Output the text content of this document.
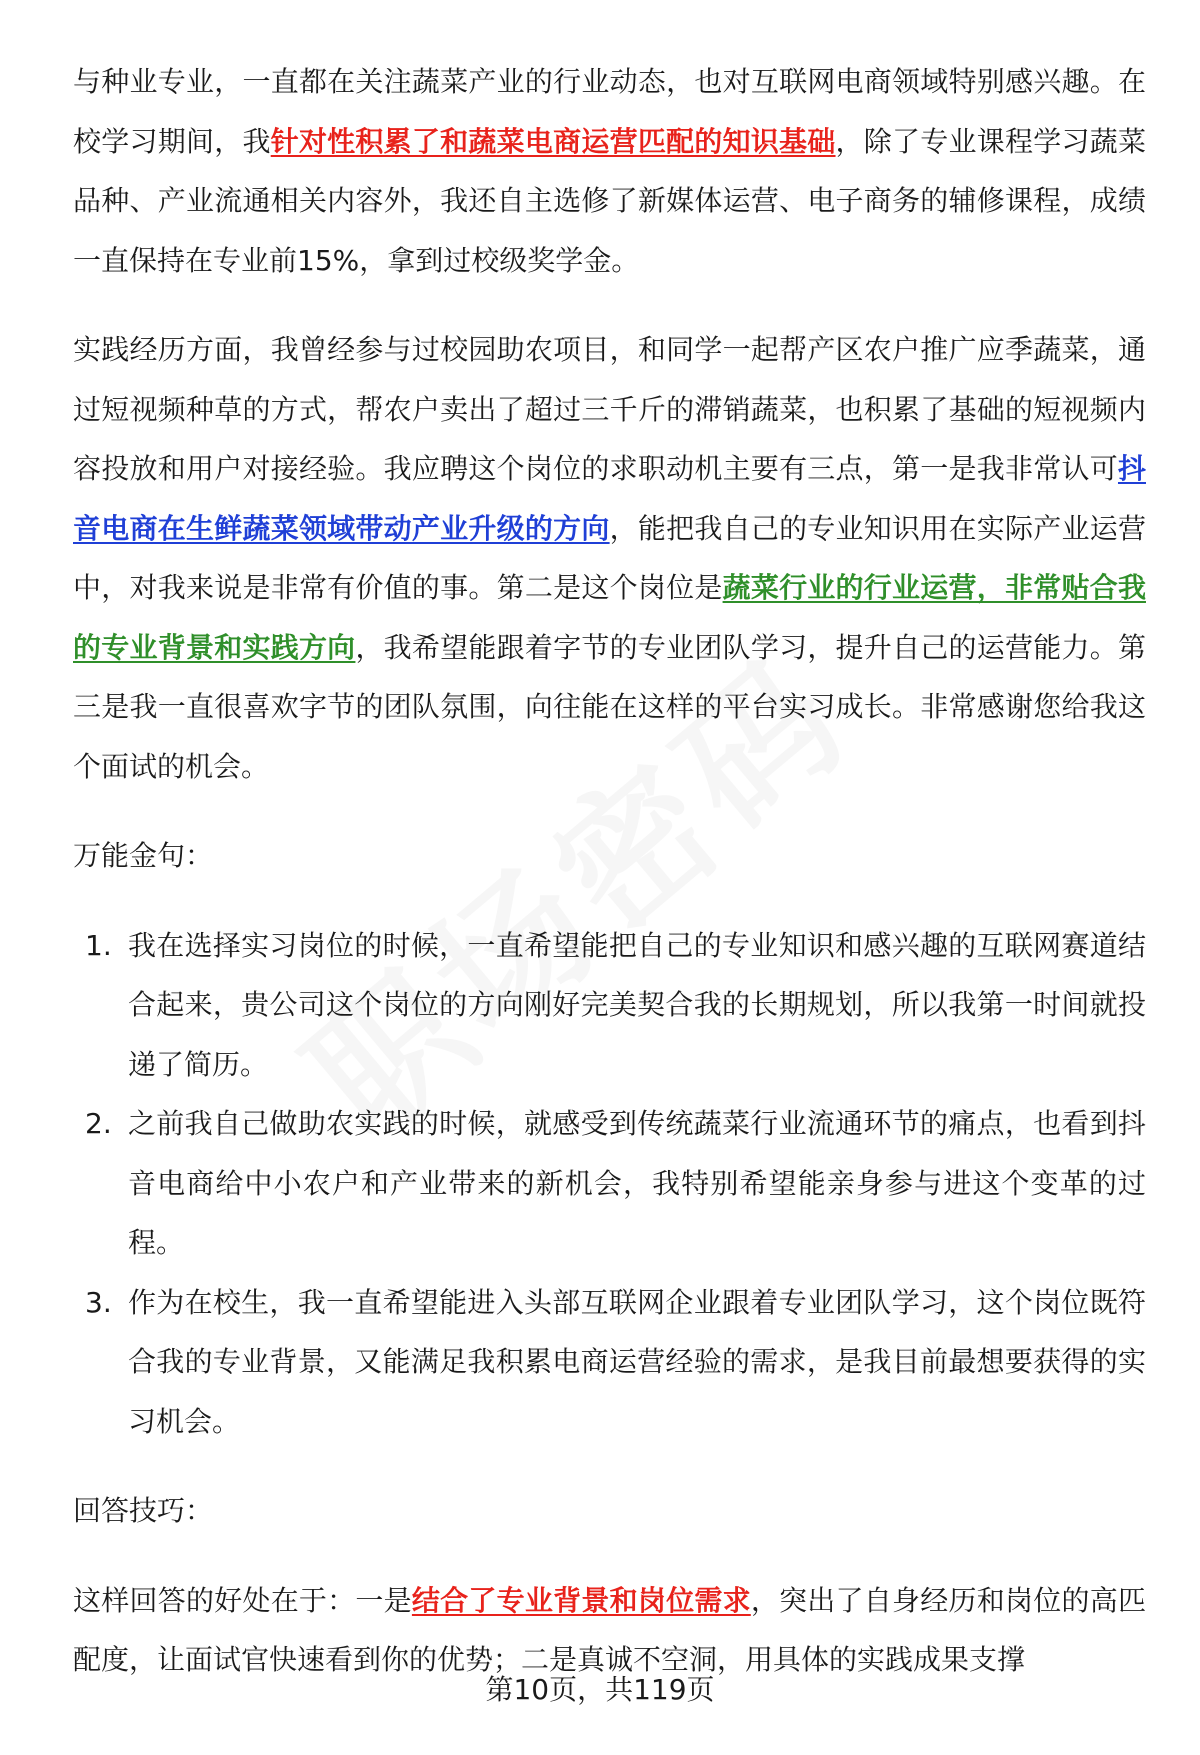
与种业专业，一直都在关注蔬菜产业的行业动态，也对互联网电商领域特别感兴趣。在校学习期间，我针对性积累了和蔬菜电商运营匹配的知识基础，除了专业课程学习蔬菜品种、产业流通相关内容外，我还自主选修了新媒体运营、电子商务的辅修课程，成绩一直保持在专业前15%，拿到过校级奖学金。

实践经历方面，我曾经参与过校园助农项目，和同学一起帮产区农户推广应季蔬菜，通过短视频种草的方式，帮农户卖出了超过三千斤的滞销蔬菜，也积累了基础的短视频内容投放和用户对接经验。我应聘这个岗位的求职动机主要有三点，第一是我非常认可抖音电商在生鲜蔬菜领域带动产业升级的方向，能把我自己的专业知识用在实际产业运营中，对我来说是非常有价值的事。第二是这个岗位是蔬菜行业的行业运营，非常贴合我的专业背景和实践方向，我希望能跟着字节的专业团队学习，提升自己的运营能力。第三是我一直很喜欢字节的团队氛围，向往能在这样的平台实习成长。非常感谢您给我这个面试的机会。

万能金句：

1. 我在选择实习岗位的时候，一直希望能把自己的专业知识和感兴趣的互联网赛道结合起来，贵公司这个岗位的方向刚好完美契合我的长期规划，所以我第一时间就投递了简历。
2. 之前我自己做助农实践的时候，就感受到传统蔬菜行业流通环节的痛点，也看到抖音电商给中小农户和产业带来的新机会，我特别希望能亲身参与进这个变革的过程。
3. 作为在校生，我一直希望能进入头部互联网企业跟着专业团队学习，这个岗位既符合我的专业背景，又能满足我积累电商运营经验的需求，是我目前最想要获得的实习机会。

回答技巧：

这样回答的好处在于：一是结合了专业背景和岗位需求，突出了自身经历和岗位的高匹配度，让面试官快速看到你的优势；二是真诚不空洞，用具体的实践成果支撑

第10页，共119页
